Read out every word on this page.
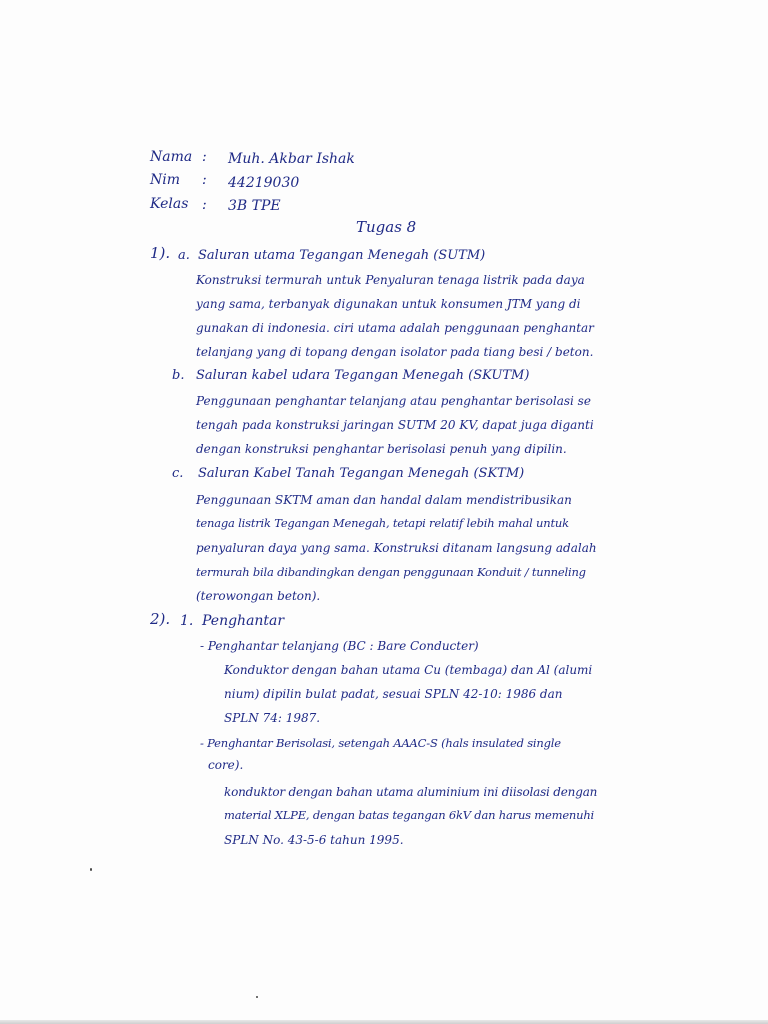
Nama : Muh. Akbar Ishak
Nim : 44219030
Kelas : 3B TPE
Tugas 8
1). a. Saluran utama Tegangan Menegah (SUTM)
Konstruksi termurah untuk Penyaluran tenaga listrik pada daya
yang sama, terbanyak digunakan untuk konsumen JTM yang di
gunakan di indonesia. ciri utama adalah penggunaan penghantar
telanjang yang di topang dengan isolator pada tiang besi / beton.
b. Saluran kabel udara Tegangan Menegah (SKUTM)
Penggunaan penghantar telanjang atau penghantar berisolasi se
tengah pada konstruksi jaringan SUTM 20 KV, dapat juga diganti
dengan konstruksi penghantar berisolasi penuh yang dipilin.
c. Saluran Kabel Tanah Tegangan Menegah (SKTM)
Penggunaan SKTM aman dan handal dalam mendistribusikan
tenaga listrik Tegangan Menegah, tetapi relatif lebih mahal untuk
penyaluran daya yang sama. Konstruksi ditanam langsung adalah
termurah bila dibandingkan dengan penggunaan Konduit / tunneling
(terowongan beton).
2). 1. Penghantar
- Penghantar telanjang (BC : Bare Conducter)
Konduktor dengan bahan utama Cu (tembaga) dan Al (alumi
nium) dipilin bulat padat, sesuai SPLN 42-10: 1986 dan
SPLN 74: 1987.
- Penghantar Berisolasi, setengah AAAC-S (hals insulated single
core).
konduktor dengan bahan utama aluminium ini diisolasi dengan
material XLPE, dengan batas tegangan 6kV dan harus memenuhi
SPLN No. 43-5-6 tahun 1995.
